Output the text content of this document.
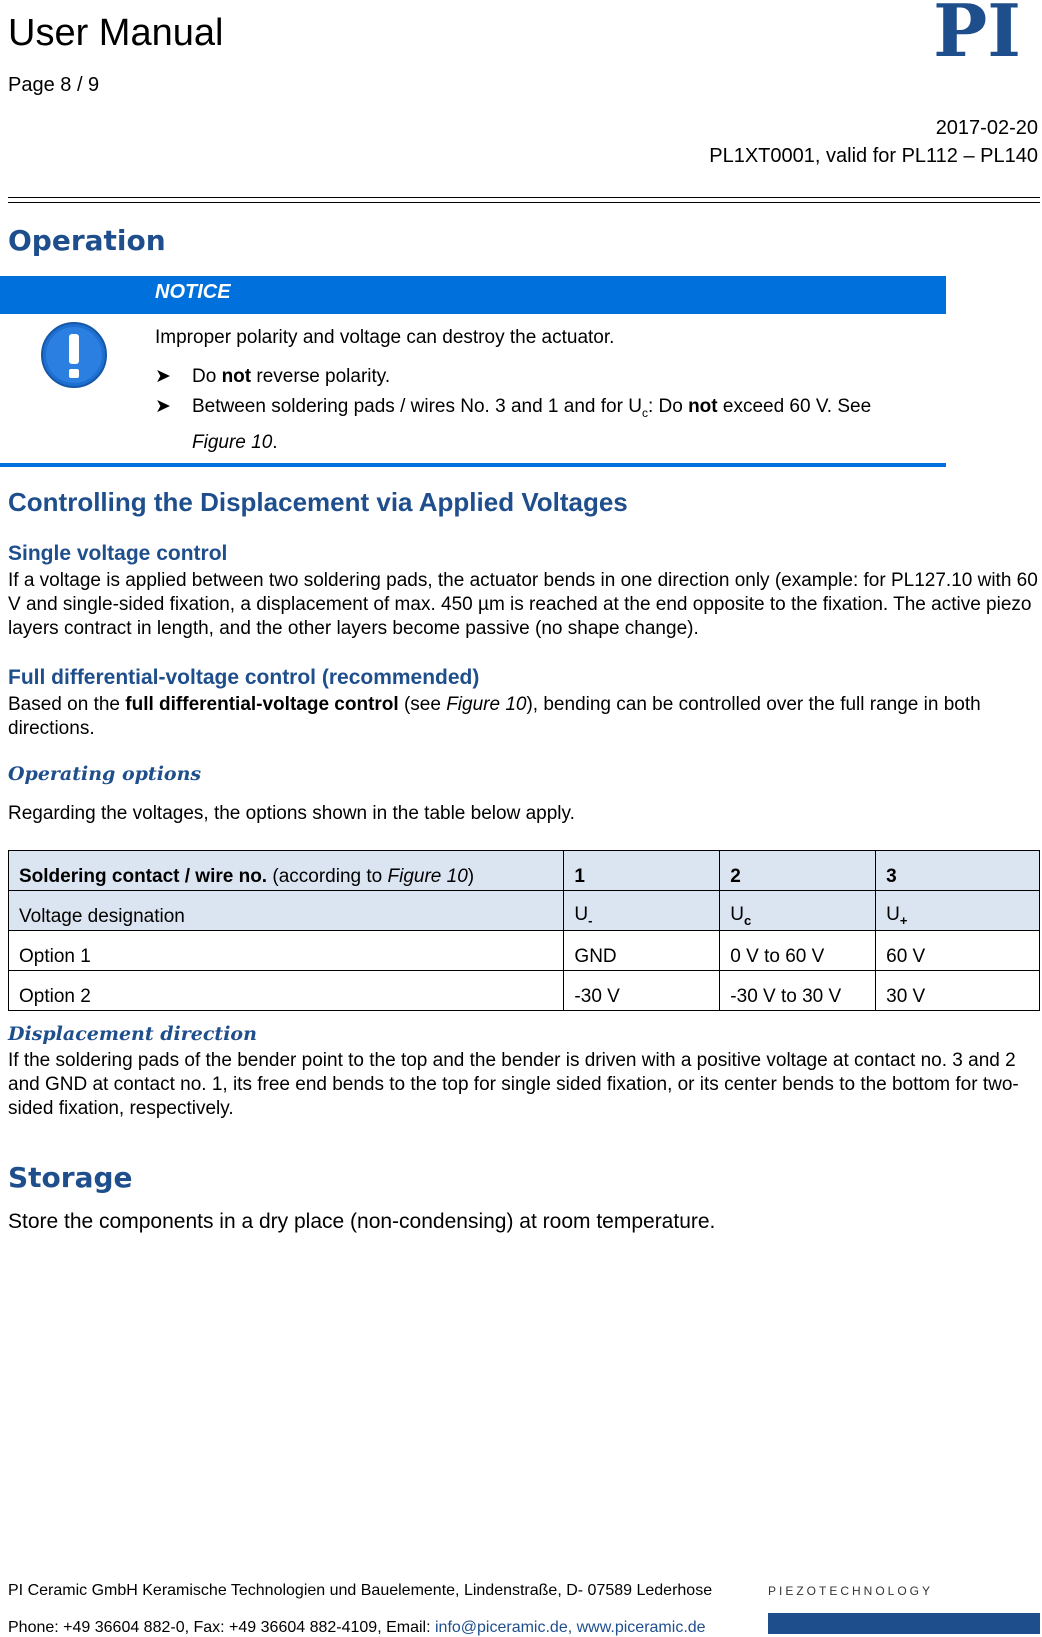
User Manual
Page 8 / 9
PI
2017-02-20
PL1XT0001, valid for PL112 – PL140
Operation
NOTICE
Improper polarity and voltage can destroy the actuator.
➤ Do not reverse polarity.
➤ Between soldering pads / wires No. 3 and 1 and for $U_c$: Do not exceed 60 V. See
Figure 10.
Controlling the Displacement via Applied Voltages
Single voltage control

If a voltage is applied between two soldering pads, the actuator bends in one direction only (example: for PL127.10 with 60 V and single-sided fixation, a displacement of max. 450 µm is reached at the end opposite to the fixation. The active piezo layers contract in length, and the other layers become passive (no shape change).

Full differential-voltage control (recommended)

Based on the full differential-voltage control (see Figure 10), bending can be controlled over the full range in both directions.

Operating options

Regarding the voltages, the options shown in the table below apply.

Soldering contact / wire no. (according to Figure 10)	1	2	3
Voltage designation	$U_-$	$U_c$	$U_+$
Option 1	GND	0 V to 60 V	60 V
Option 2	-30 V	-30 V to 30 V	30 V
Displacement direction

If the soldering pads of the bender point to the top and the bender is driven with a positive voltage at contact no. 3 and 2 and GND at contact no. 1, its free end bends to the top for single sided fixation, or its center bends to the bottom for two-sided fixation, respectively.

Storage

Store the components in a dry place (non-condensing) at room temperature.

PI Ceramic GmbH Keramische Technologien und Bauelemente, Lindenstraße, D- 07589 Lederhose
Phone: +49 36604 882-0, Fax: +49 36604 882-4109, Email: info@piceramic.de, www.piceramic.de
PIEZOTECHNOLOGY
